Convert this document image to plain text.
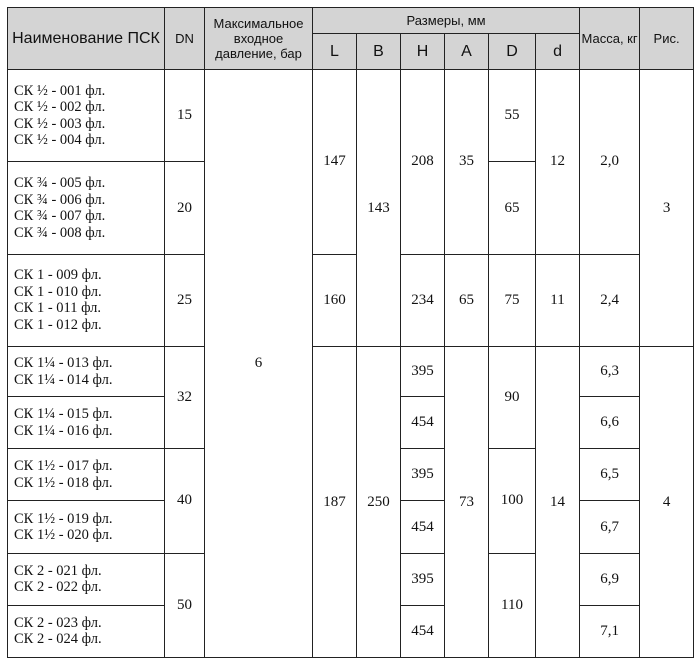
Наименование ПСК	DN	Максимальное входное давление, бар	Размеры, мм						Масса, кг	Рис.
			L	B	H	A	D	d		

СК ½ - 001 фл.
СК ½ - 002 фл.
СК ½ - 003 фл.
СК ½ - 004 фл.	15	6	147	143	208	35	55	12	2,0	3

СК ¾ - 005 фл.
СК ¾ - 006 фл.
СК ¾ - 007 фл.
СК ¾ - 008 фл.	20						65			

СК 1 - 009 фл.
СК 1 - 010 фл.
СК 1 - 011 фл.
СК 1 - 012 фл.	25		160		234	65	75	11	2,4	

СК 1¼ - 013 фл.
СК 1¼ - 014 фл.	32		187	250	395	73	90	14	6,3	4

СК 1¼ - 015 фл.
СК 1¼ - 016 фл.					454				6,6	

СК 1½ - 017 фл.
СК 1½ - 018 фл.	40				395		100		6,5	

СК 1½ - 019 фл.
СК 1½ - 020 фл.					454				6,7	

СК 2 - 021 фл.
СК 2 - 022 фл.	50				395		110		6,9	

СК 2 - 023 фл.
СК 2 - 024 фл.					454				7,1	
